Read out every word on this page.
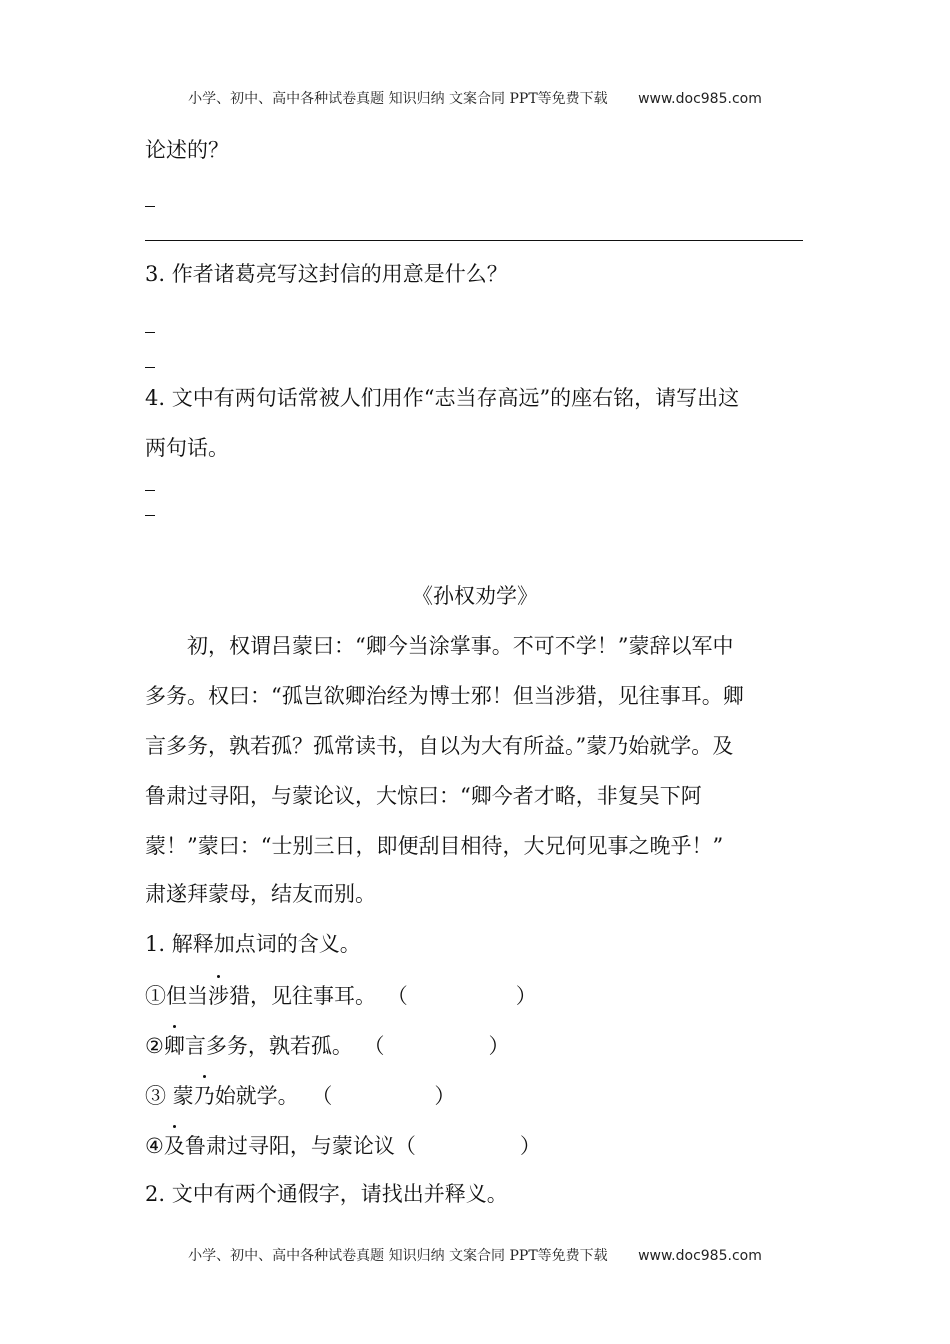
小学、初中、高中各种试卷真题 知识归纳 文案合同 PPT等免费下载 www.doc985.com
论述的？
3. 作者诸葛亮写这封信的用意是什么？
4. 文中有两句话常被人们用作“志当存高远”的座右铭，请写出这
两句话。
《孙权劝学》
初，权谓吕蒙曰：“卿今当涂掌事。不可不学！”蒙辞以军中
多务。权曰：“孤岂欲卿治经为博士邪！但当涉猎，见往事耳。卿
言多务，孰若孤？孤常读书，自以为大有所益。”蒙乃始就学。及
鲁肃过寻阳，与蒙论议，大惊曰：“卿今者才略，非复吴下阿
蒙！”蒙曰：“士别三日，即便刮目相待，大兄何见事之晚乎！”
肃遂拜蒙母，结友而别。
1. 解释加点词的含义。
①但当涉猎，见往事耳。 （	）
②卿言多务，孰若孤。 （	）
③ 蒙乃始就学。 （	）
④及鲁肃过寻阳，与蒙论议（	）
2. 文中有两个通假字，请找出并释义。
小学、初中、高中各种试卷真题 知识归纳 文案合同 PPT等免费下载 www.doc985.com
